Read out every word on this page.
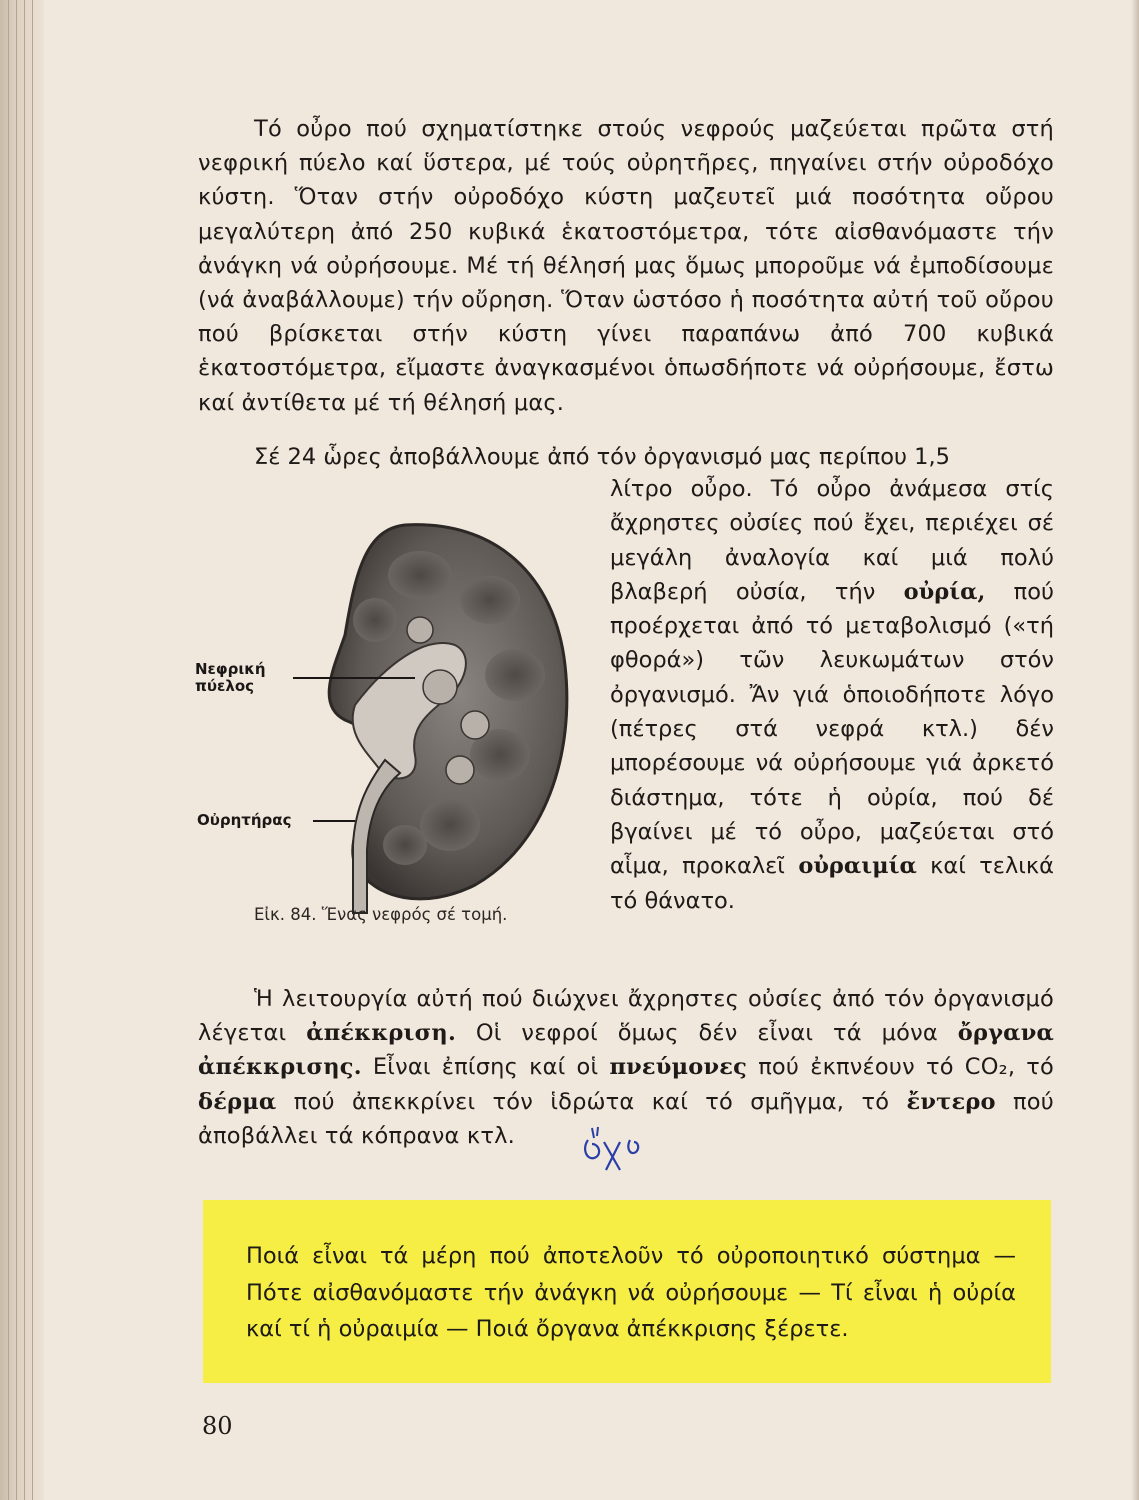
Τό οὖρο πού σχηματίστηκε στούς νεφρούς μαζεύεται πρῶτα στή νεφρική πύελο καί ὕστερα, μέ τούς οὐρητῆρες, πηγαίνει στήν οὐροδόχο κύστη. Ὅταν στήν οὐροδόχο κύστη μαζευτεῖ μιά ποσότητα οὔρου μεγαλύτερη ἀπό 250 κυβικά ἑκατοστόμετρα, τότε αἰσθανόμαστε τήν ἀνάγκη νά οὐρήσουμε. Μέ τή θέλησή μας ὅμως μποροῦμε νά ἐμποδίσουμε (νά ἀναβάλλουμε) τήν οὔρηση. Ὅταν ὡστόσο ἡ ποσότητα αὐτή τοῦ οὔρου πού βρίσκεται στήν κύστη γίνει παραπάνω ἀπό 700 κυβικά ἑκατοστόμετρα, εἴμαστε ἀναγκασμένοι ὁπωσδήποτε νά οὐρήσουμε, ἔστω καί ἀντίθετα μέ τή θέλησή μας.

Σέ 24 ὧρες ἀποβάλλουμε ἀπό τόν ὀργανισμό μας περίπου 1,5
Νεφρική
πύελος
Οὐρητήρας
Εἰκ. 84. Ἕνας νεφρός σέ τομή.

λίτρο οὖρο. Τό οὖρο ἀνάμεσα στίς ἄχρηστες οὐσίες πού ἔχει, περιέχει σέ μεγάλη ἀναλογία καί μιά πολύ βλαβερή οὐσία, τήν οὐρία, πού προέρχεται ἀπό τό μεταβολισμό («τή φθορά») τῶν λευκωμάτων στόν ὀργανισμό. Ἄν γιά ὁποιοδήποτε λόγο (πέτρες στά νεφρά κτλ.) δέν μπορέσουμε νά οὐρήσουμε γιά ἀρκετό διάστημα, τότε ἡ οὐρία, πού δέ βγαίνει μέ τό οὖρο, μαζεύεται στό αἷμα, προκαλεῖ οὐραιμία καί τελικά τό θάνατο.

Ἡ λειτουργία αὐτή πού διώχνει ἄχρηστες οὐσίες ἀπό τόν ὀργανισμό λέγεται ἀπέκκριση. Οἱ νεφροί ὅμως δέν εἶναι τά μόνα ὄργανα ἀπέκκρισης. Εἶναι ἐπίσης καί οἱ πνεύμονες πού ἐκπνέουν τό CO₂, τό δέρμα πού ἀπεκκρίνει τόν ἱδρώτα καί τό σμῆγμα, τό ἔντερο πού ἀποβάλλει τά κόπρανα κτλ.

Ποιά εἶναι τά μέρη πού ἀποτελοῦν τό οὐροποιητικό σύστημα — Πότε αἰσθανόμαστε τήν ἀνάγκη νά οὐρήσουμε — Τί εἶναι ἡ οὐρία καί τί ἡ οὐραιμία — Ποιά ὄργανα ἀπέκκρισης ξέρετε.

80
